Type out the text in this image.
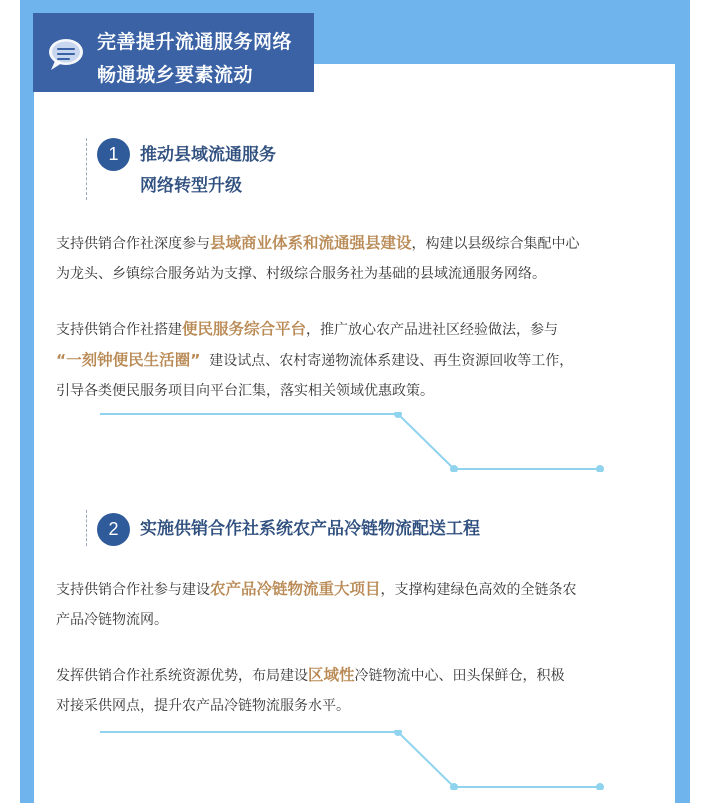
完善提升流通服务网络
畅通城乡要素流动
1	推动县域流通服务
网络转型升级

支持供销合作社深度参与县域商业体系和流通强县建设，构建以县级综合集配中心

为龙头、乡镇综合服务站为支撑、村级综合服务社为基础的县域流通服务网络。

支持供销合作社搭建便民服务综合平台，推广放心农产品进社区经验做法，参与

“一刻钟便民生活圈”  建设试点、农村寄递物流体系建设、再生资源回收等工作，

引导各类便民服务项目向平台汇集，落实相关领域优惠政策。

2	实施供销合作社系统农产品冷链物流配送工程

支持供销合作社参与建设农产品冷链物流重大项目，支撑构建绿色高效的全链条农

产品冷链物流网。

发挥供销合作社系统资源优势，布局建设区域性冷链物流中心、田头保鲜仓，积极

对接采供网点，提升农产品冷链物流服务水平。
